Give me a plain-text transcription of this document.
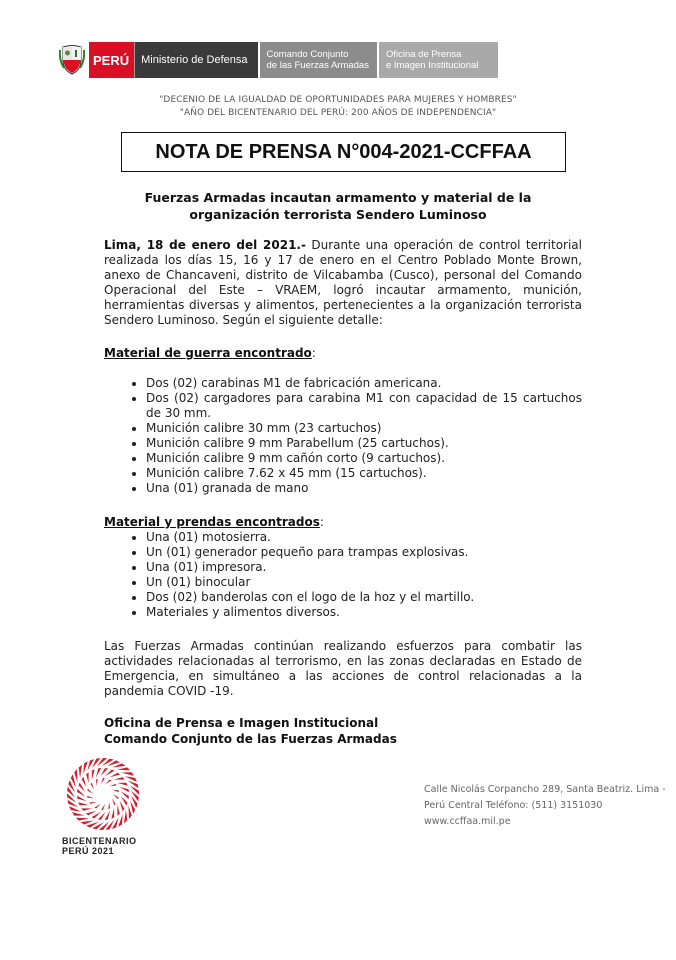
PERÚ	Ministerio de Defensa	Comando Conjunto
de las Fuerzas Armadas
Oficina de Prensa
e Imagen Institucional
"DECENIO DE LA IGUALDAD DE OPORTUNIDADES PARA MUJERES Y HOMBRES"
"AÑO DEL BICENTENARIO DEL PERÚ: 200 AÑOS DE INDEPENDENCIA"
NOTA DE PRENSA N°004-2021-CCFFAA
Fuerzas Armadas incautan armamento y material de la organización terrorista Sendero Luminoso

Lima, 18 de enero del 2021.- Durante una operación de control territorial realizada los días 15, 16 y 17 de enero en el Centro Poblado Monte Brown, anexo de Chancaveni, distrito de Vilcabamba (Cusco), personal del Comando Operacional del Este – VRAEM, logró incautar armamento, munición, herramientas diversas y alimentos, pertenecientes a la organización terrorista Sendero Luminoso. Según el siguiente detalle:

Material de guerra encontrado:

• Dos (02) carabinas M1 de fabricación americana.
• Dos (02) cargadores para carabina M1 con capacidad de 15 cartuchos de 30 mm.
• Munición calibre 30 mm (23 cartuchos)
• Munición calibre 9 mm Parabellum (25 cartuchos).
• Munición calibre 9 mm cañón corto (9 cartuchos).
• Munición calibre 7.62 x 45 mm (15 cartuchos).
• Una (01) granada de mano

Material y prendas encontrados:

• Una (01) motosierra.
• Un (01) generador pequeño para trampas explosivas.
• Una (01) impresora.
• Un (01) binocular
• Dos (02) banderolas con el logo de la hoz y el martillo.
• Materiales y alimentos diversos.

Las Fuerzas Armadas continúan realizando esfuerzos para combatir las actividades relacionadas al terrorismo, en las zonas declaradas en Estado de Emergencia, en simultáneo a las acciones de control relacionadas a la pandemia COVID -19.

Oficina de Prensa e Imagen Institucional
Comando Conjunto de las Fuerzas Armadas
BICENTENARIO
PERÚ 2021
Calle Nicolás Corpancho 289, Santa Beatriz. Lima -
Perú Central Teléfono: (511) 3151030
www.ccffaa.mil.pe
